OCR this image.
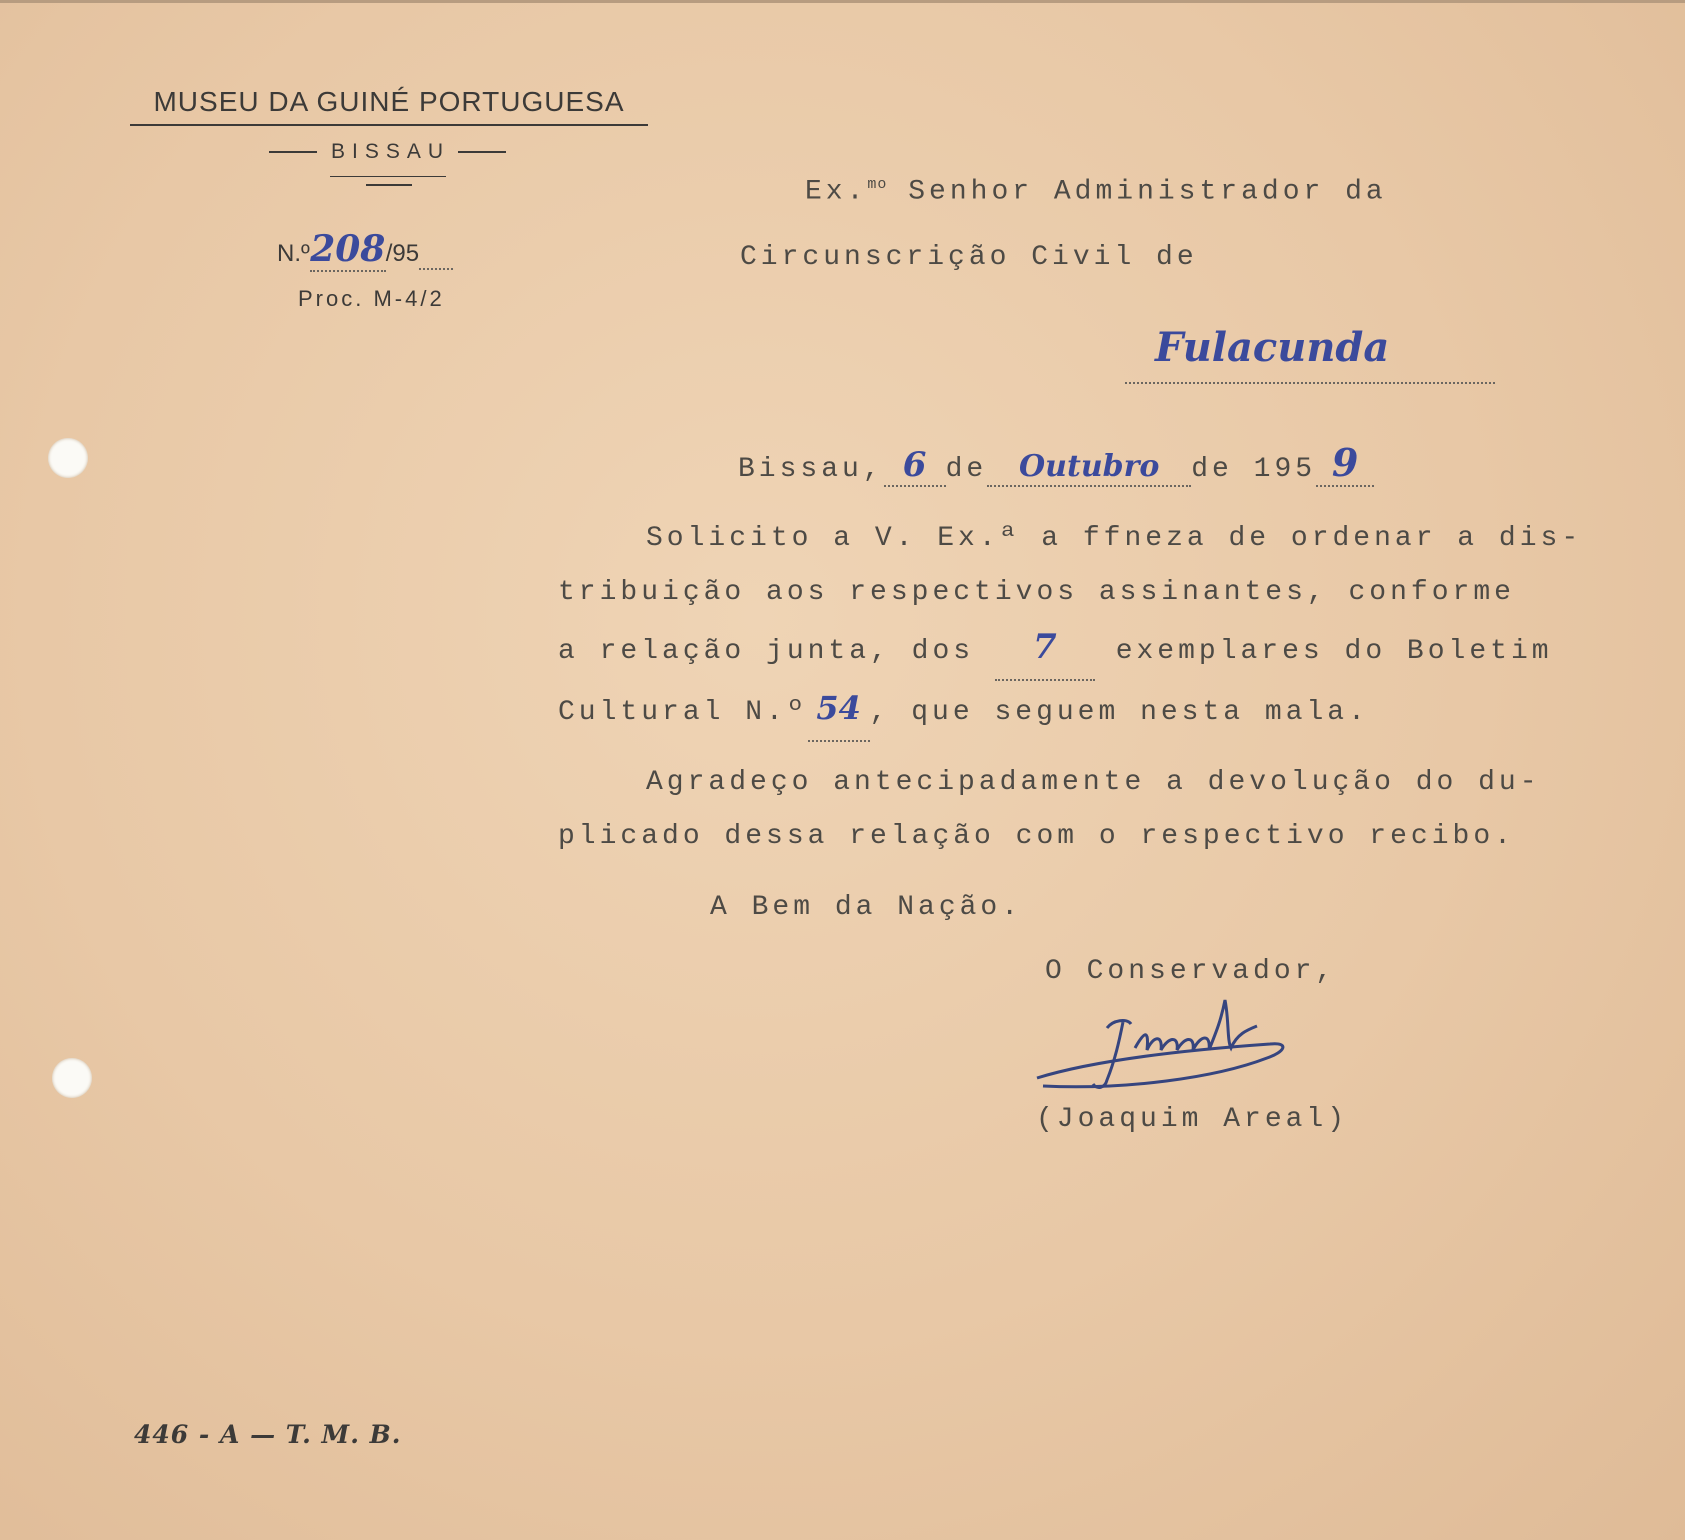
MUSEU DA GUINÉ PORTUGUESA
BISSAU
N.º208/95
Proc. M-4/2
Ex.$^{mo}$ Senhor Administrador da
Circunscrição Civil de
Fulacunda
Bissau, 6 de Outubro de 195 9

Solicito a V. Ex.ª a ffneza de ordenar a dis-

tribuição aos respectivos assinantes, conforme

a relação junta, dos 7 exemplares do Boletim

Cultural N.º 54 , que seguem nesta mala.

Agradeço antecipadamente a devolução do du-

plicado dessa relação com o respectivo recibo.

A Bem da Nação.
O Conservador,
(Joaquim Areal)
446 - A — T. M. B.
